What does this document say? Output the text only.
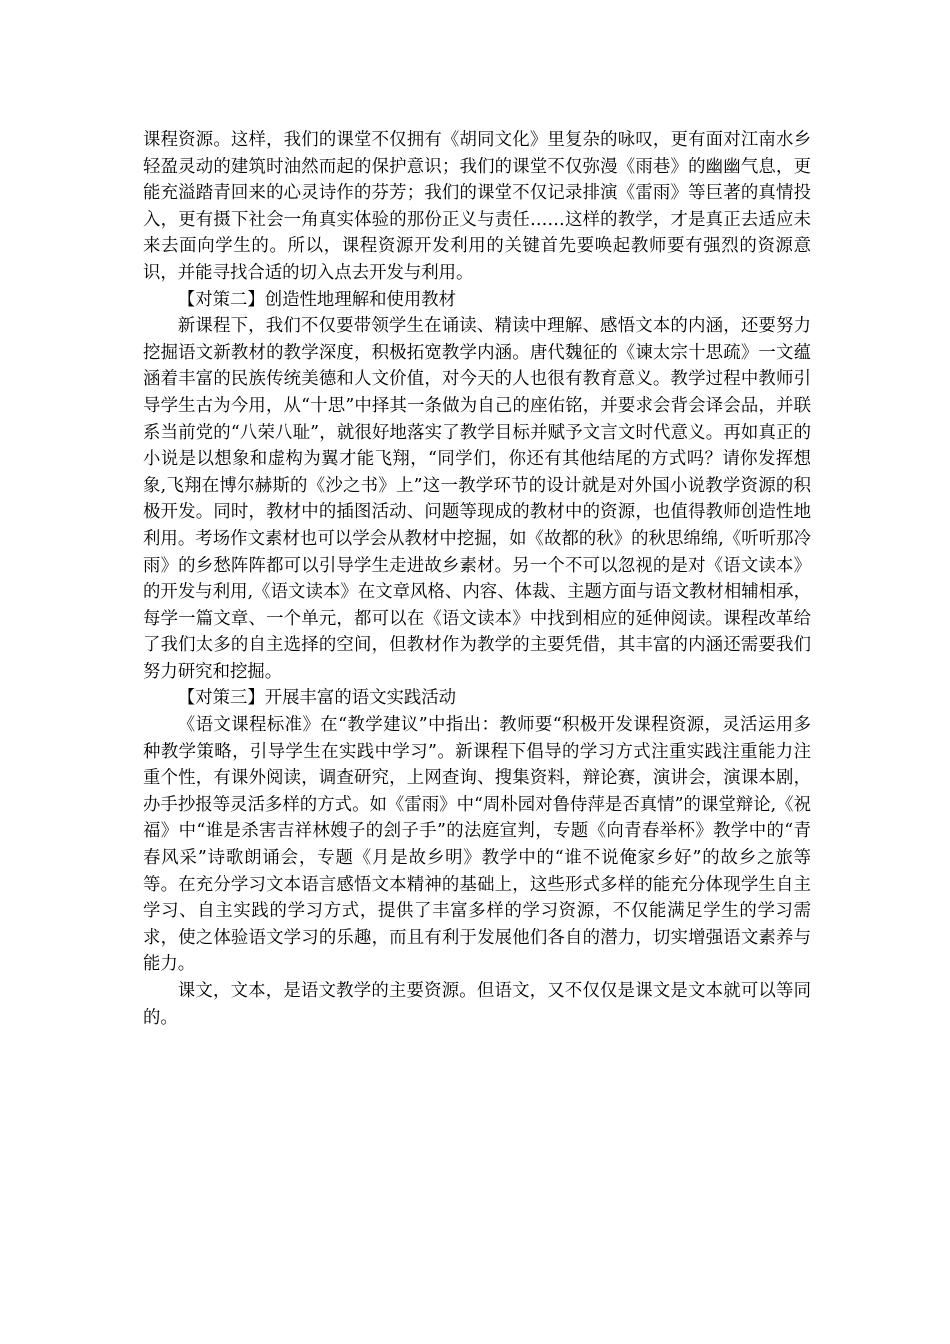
课程资源。这样，我们的课堂不仅拥有《胡同文化》里复杂的咏叹，更有面对江南水乡轻盈灵动的建筑时油然而起的保护意识；我们的课堂不仅弥漫《雨巷》的幽幽气息，更能充溢踏青回来的心灵诗作的芬芳；我们的课堂不仅记录排演《雷雨》等巨著的真情投入，更有摄下社会一角真实体验的那份正义与责任……这样的教学，才是真正去适应未来去面向学生的。所以，课程资源开发利用的关键首先要唤起教师要有强烈的资源意识，并能寻找合适的切入点去开发与利用。

【对策二】创造性地理解和使用教材

新课程下，我们不仅要带领学生在诵读、精读中理解、感悟文本的内涵，还要努力挖掘语文新教材的教学深度，积极拓宽教学内涵。唐代魏征的《谏太宗十思疏》一文蕴涵着丰富的民族传统美德和人文价值，对今天的人也很有教育意义。教学过程中教师引导学生古为今用，从“十思”中择其一条做为自己的座佑铭，并要求会背会译会品，并联系当前党的“八荣八耻”，就很好地落实了教学目标并赋予文言文时代意义。再如真正的小说是以想象和虚构为翼才能飞翔，“同学们，你还有其他结尾的方式吗？请你发挥想象,飞翔在博尔赫斯的《沙之书》上”这一教学环节的设计就是对外国小说教学资源的积极开发。同时，教材中的插图活动、问题等现成的教材中的资源，也值得教师创造性地利用。考场作文素材也可以学会从教材中挖掘，如《故都的秋》的秋思绵绵,《听听那冷雨》的乡愁阵阵都可以引导学生走进故乡素材。另一个不可以忽视的是对《语文读本》的开发与利用,《语文读本》在文章风格、内容、体裁、主题方面与语文教材相辅相承，每学一篇文章、一个单元，都可以在《语文读本》中找到相应的延伸阅读。课程改革给了我们太多的自主选择的空间，但教材作为教学的主要凭借，其丰富的内涵还需要我们努力研究和挖掘。

【对策三】开展丰富的语文实践活动

《语文课程标准》在“教学建议”中指出：教师要“积极开发课程资源，灵活运用多种教学策略，引导学生在实践中学习”。新课程下倡导的学习方式注重实践注重能力注重个性，有课外阅读，调查研究，上网查询、搜集资料，辩论赛，演讲会，演课本剧，办手抄报等灵活多样的方式。如《雷雨》中“周朴园对鲁侍萍是否真情”的课堂辩论,《祝福》中“谁是杀害吉祥林嫂子的刽子手”的法庭宣判，专题《向青春举杯》教学中的“青春风采”诗歌朗诵会，专题《月是故乡明》教学中的“谁不说俺家乡好”的故乡之旅等等。在充分学习文本语言感悟文本精神的基础上，这些形式多样的能充分体现学生自主学习、自主实践的学习方式，提供了丰富多样的学习资源，不仅能满足学生的学习需求，使之体验语文学习的乐趣，而且有利于发展他们各自的潜力，切实增强语文素养与能力。

课文，文本，是语文教学的主要资源。但语文，又不仅仅是课文是文本就可以等同的。
